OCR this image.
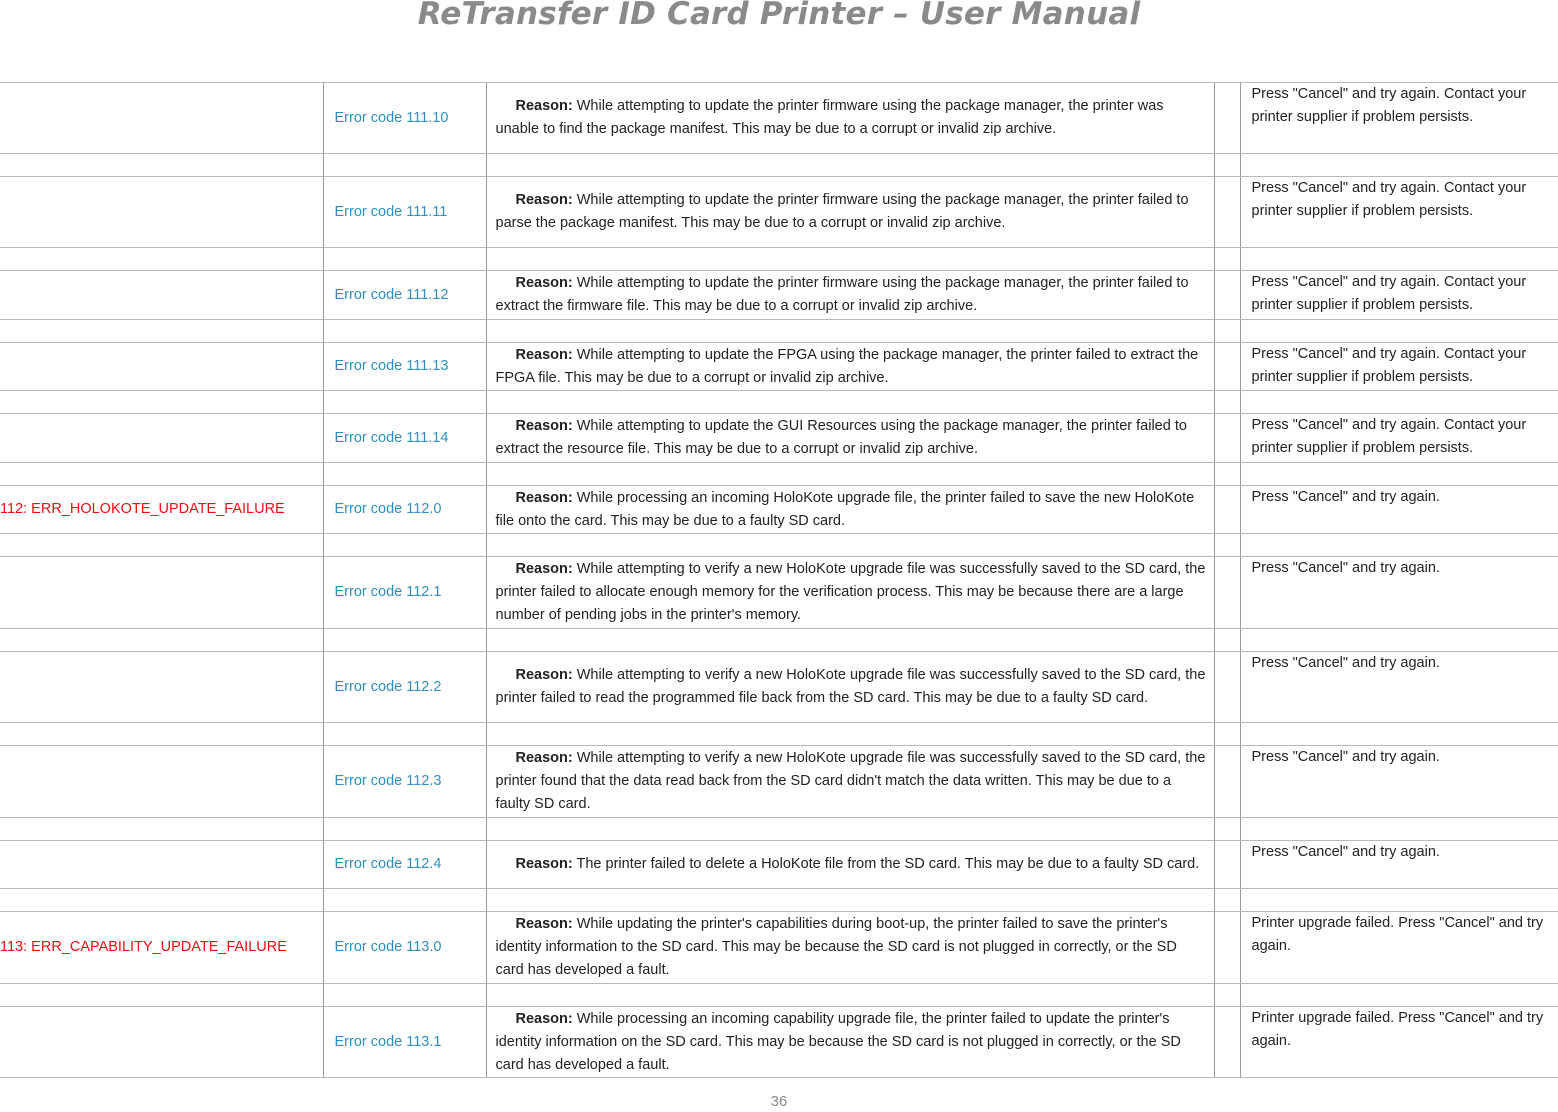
ReTransfer ID Card Printer – User Manual
	Error code 111.10	Reason: While attempting to update the printer firmware using the package manager, the printer was unable to find the package manifest. This may be due to a corrupt or invalid zip archive.		Press "Cancel" and try again. Contact your printer supplier if problem persists.

	Error code 111.11	Reason: While attempting to update the printer firmware using the package manager, the printer failed to parse the package manifest. This may be due to a corrupt or invalid zip archive.		Press "Cancel" and try again. Contact your printer supplier if problem persists.

	Error code 111.12	Reason: While attempting to update the printer firmware using the package manager, the printer failed to extract the firmware file. This may be due to a corrupt or invalid zip archive.		Press "Cancel" and try again. Contact your printer supplier if problem persists.

	Error code 111.13	Reason: While attempting to update the FPGA using the package manager, the printer failed to extract the FPGA file. This may be due to a corrupt or invalid zip archive.		Press "Cancel" and try again. Contact your printer supplier if problem persists.

	Error code 111.14	Reason: While attempting to update the GUI Resources using the package manager, the printer failed to extract the resource file. This may be due to a corrupt or invalid zip archive.		Press "Cancel" and try again. Contact your printer supplier if problem persists.

112: ERR_HOLOKOTE_UPDATE_FAILURE	Error code 112.0	Reason: While processing an incoming HoloKote upgrade file, the printer failed to save the new HoloKote file onto the card. This may be due to a faulty SD card.		Press "Cancel" and try again.

	Error code 112.1	Reason: While attempting to verify a new HoloKote upgrade file was successfully saved to the SD card, the printer failed to allocate enough memory for the verification process. This may be because there are a large number of pending jobs in the printer's memory.		Press "Cancel" and try again.

	Error code 112.2	Reason: While attempting to verify a new HoloKote upgrade file was successfully saved to the SD card, the printer failed to read the programmed file back from the SD card. This may be due to a faulty SD card.		Press "Cancel" and try again.

	Error code 112.3	Reason: While attempting to verify a new HoloKote upgrade file was successfully saved to the SD card, the printer found that the data read back from the SD card didn't match the data written. This may be due to a faulty SD card.		Press "Cancel" and try again.

	Error code 112.4	Reason: The printer failed to delete a HoloKote file from the SD card. This may be due to a faulty SD card.		Press "Cancel" and try again.

113: ERR_CAPABILITY_UPDATE_FAILURE	Error code 113.0	Reason: While updating the printer's capabilities during boot-up, the printer failed to save the printer's identity information to the SD card. This may be because the SD card is not plugged in correctly, or the SD card has developed a fault.		Printer upgrade failed. Press "Cancel" and try again.

	Error code 113.1	Reason: While processing an incoming capability upgrade file, the printer failed to update the printer's identity information on the SD card. This may be because the SD card is not plugged in correctly, or the SD card has developed a fault.		Printer upgrade failed. Press "Cancel" and try again.
36
